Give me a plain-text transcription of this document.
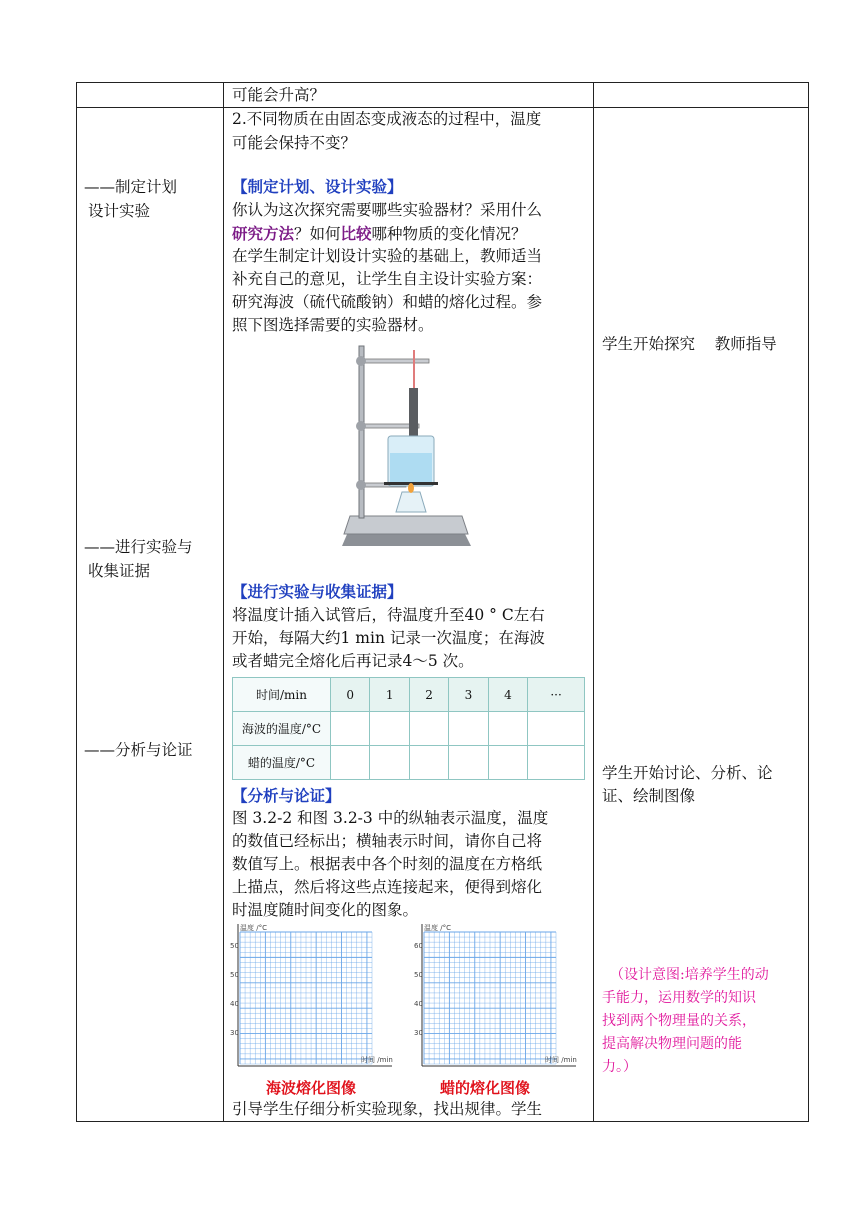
——制定计划
设计实验
——进行实验与
收集证据
——分析与论证
可能会升高？
2.不同物质在由固态变成液态的过程中，温度
可能会保持不变？
【制定计划、设计实验】
你认为这次探究需要哪些实验器材？采用什么
研究方法？如何比较哪种物质的变化情况？
在学生制定计划设计实验的基础上，教师适当
补充自己的意见，让学生自主设计实验方案：
研究海波（硫代硫酸钠）和蜡的熔化过程。参
照下图选择需要的实验器材。
【进行实验与收集证据】
将温度计插入试管后，待温度升至40 ° C左右
开始，每隔大约1 min 记录一次温度；在海波
或者蜡完全熔化后再记录4～5 次。
时间/min	0	1	2	3	4	···
海波的温度/°C						
蜡的温度/°C						
【分析与论证】
图 3.2-2 和图 3.2-3 中的纵轴表示温度，温度
的数值已经标出；横轴表示时间，请你自己将
数值写上。根据表中各个时刻的温度在方格纸
上描点，然后将这些点连接起来，便得到熔化
时温度随时间变化的图象。
温度 /°C
50
50
40
30
时间 /min
温度 /°C
60
50
40
30
时间 /min
海波熔化图像	蜡的熔化图像
引导学生仔细分析实验现象，找出规律。学生
学生开始探究    教师指导
学生开始讨论、分析、论
证、绘制图像
（设计意图:培养学生的动
手能力，运用数学的知识
找到两个物理量的关系，
提高解决物理问题的能
力。）
